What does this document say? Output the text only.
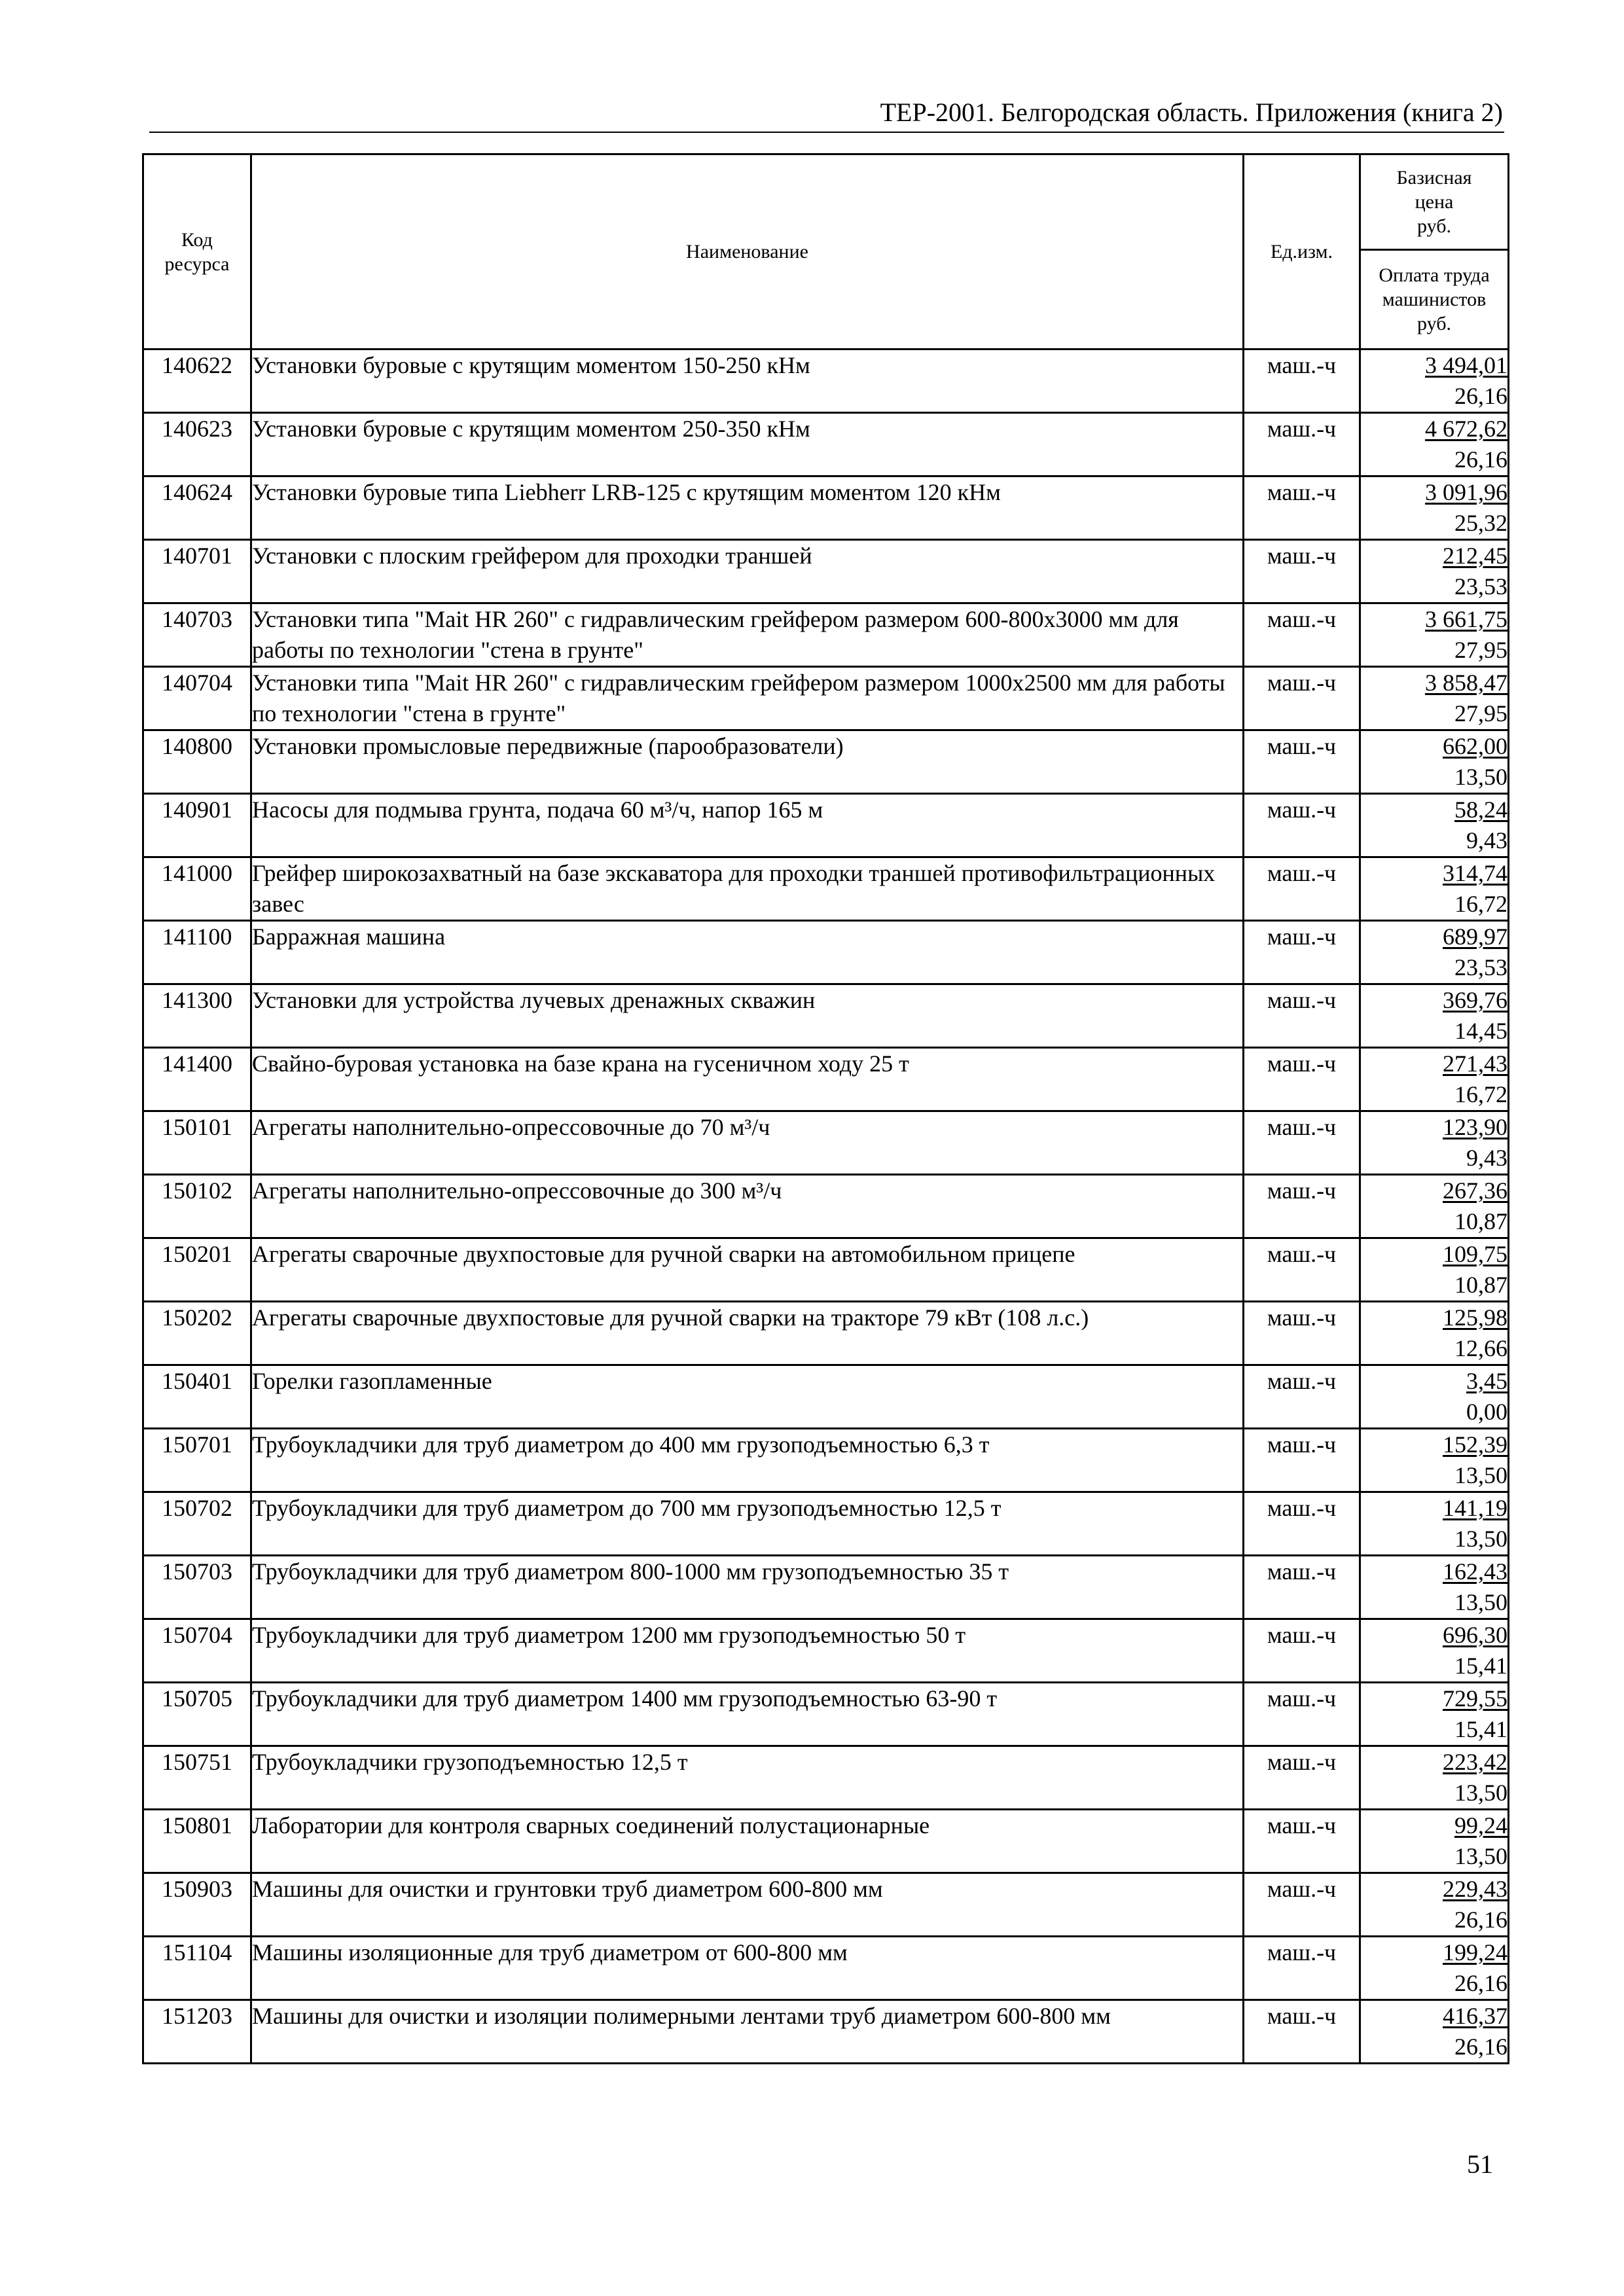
ТЕР-2001. Белгородская область. Приложения (книга 2)
Код
ресурса	Наименование	Ед.изм.	Базисная
цена
руб.
			Оплата труда
машинистов
руб.
140622	Установки буровые с крутящим моментом 150-250 кНм	маш.-ч	3 494,01
26,16
140623	Установки буровые с крутящим моментом 250-350 кНм	маш.-ч	4 672,62
26,16
140624	Установки буровые типа Liebherr LRB-125 с крутящим моментом 120 кНм	маш.-ч	3 091,96
25,32
140701	Установки с плоским грейфером для проходки траншей	маш.-ч	212,45
23,53
140703	Установки типа "Mait HR 260" с гидравлическим грейфером размером 600-800х3000 мм для работы по технологии "стена в грунте"	маш.-ч	3 661,75
27,95
140704	Установки типа "Mait HR 260" с гидравлическим грейфером размером 1000х2500 мм для работы по технологии "стена в грунте"	маш.-ч	3 858,47
27,95
140800	Установки промысловые передвижные (парообразователи)	маш.-ч	662,00
13,50
140901	Насосы для подмыва грунта, подача 60 м³/ч, напор 165 м	маш.-ч	58,24
9,43
141000	Грейфер широкозахватный на базе экскаватора для проходки траншей противофильтрационных завес	маш.-ч	314,74
16,72
141100	Барражная машина	маш.-ч	689,97
23,53
141300	Установки для устройства лучевых дренажных скважин	маш.-ч	369,76
14,45
141400	Свайно-буровая установка на базе крана на гусеничном ходу 25 т	маш.-ч	271,43
16,72
150101	Агрегаты наполнительно-опрессовочные до 70 м³/ч	маш.-ч	123,90
9,43
150102	Агрегаты наполнительно-опрессовочные до 300 м³/ч	маш.-ч	267,36
10,87
150201	Агрегаты сварочные двухпостовые для ручной сварки на автомобильном прицепе	маш.-ч	109,75
10,87
150202	Агрегаты сварочные двухпостовые для ручной сварки на тракторе 79 кВт (108 л.с.)	маш.-ч	125,98
12,66
150401	Горелки газопламенные	маш.-ч	3,45
0,00
150701	Трубоукладчики для труб диаметром до 400 мм грузоподъемностью 6,3 т	маш.-ч	152,39
13,50
150702	Трубоукладчики для труб диаметром до 700 мм грузоподъемностью 12,5 т	маш.-ч	141,19
13,50
150703	Трубоукладчики для труб диаметром 800-1000 мм грузоподъемностью 35 т	маш.-ч	162,43
13,50
150704	Трубоукладчики для труб диаметром 1200 мм грузоподъемностью 50 т	маш.-ч	696,30
15,41
150705	Трубоукладчики для труб диаметром 1400 мм грузоподъемностью 63-90 т	маш.-ч	729,55
15,41
150751	Трубоукладчики грузоподъемностью 12,5 т	маш.-ч	223,42
13,50
150801	Лаборатории для контроля сварных соединений полустационарные	маш.-ч	99,24
13,50
150903	Машины для очистки и грунтовки труб диаметром 600-800 мм	маш.-ч	229,43
26,16
151104	Машины изоляционные для труб диаметром от 600-800 мм	маш.-ч	199,24
26,16
151203	Машины для очистки и изоляции полимерными лентами труб диаметром 600-800 мм	маш.-ч	416,37
26,16
51
